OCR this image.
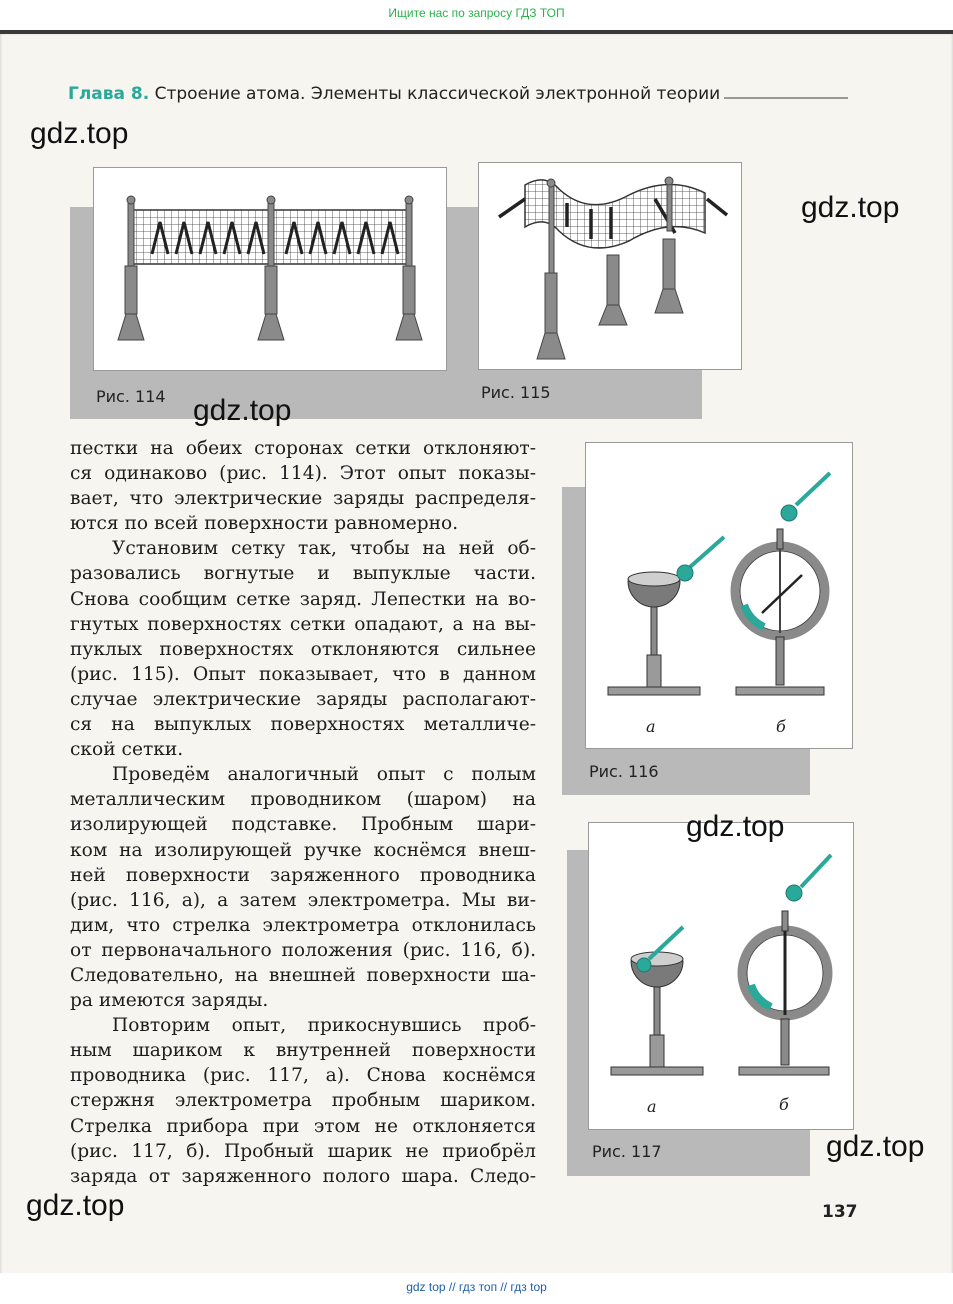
Ищите нас по запросу ГДЗ ТОП
Глава 8. Строение атома. Элементы классической электронной теории
Рис. 114	Рис. 115
а	б
Рис. 116
а	б
Рис. 117

пестки на обеих сторонах сетки отклоняют-

ся одинаково (рис. 114). Этот опыт показы-

вает, что электрические заряды распределя-

ются по всей поверхности равномерно.

Установим сетку так, чтобы на ней об-

разовались вогнутые и выпуклые части.

Снова сообщим сетке заряд. Лепестки на во-

гнутых поверхностях сетки опадают, а на вы-

пуклых поверхностях отклоняются сильнее

(рис. 115). Опыт показывает, что в данном

случае электрические заряды располагают-

ся на выпуклых поверхностях металличе-

ской сетки.

Проведём аналогичный опыт с полым

металлическим проводником (шаром) на

изолирующей подставке. Пробным шари-

ком на изолирующей ручке коснёмся внеш-

ней поверхности заряженного проводника

(рис. 116, а), а затем электрометра. Мы ви-

дим, что стрелка электрометра отклонилась

от первоначального положения (рис. 116, б).

Следовательно, на внешней поверхности ша-

ра имеются заряды.

Повторим опыт, прикоснувшись проб-

ным шариком к внутренней поверхности

проводника (рис. 117, а). Снова коснёмся

стержня электрометра пробным шариком.

Стрелка прибора при этом не отклоняется

(рис. 117, б). Пробный шарик не приобрёл

заряда от заряженного полого шара. Следо-

137
gdz.top
gdz.top
gdz.top
gdz.top
gdz.top
gdz.top
gdz top // гдз топ // гдз top
